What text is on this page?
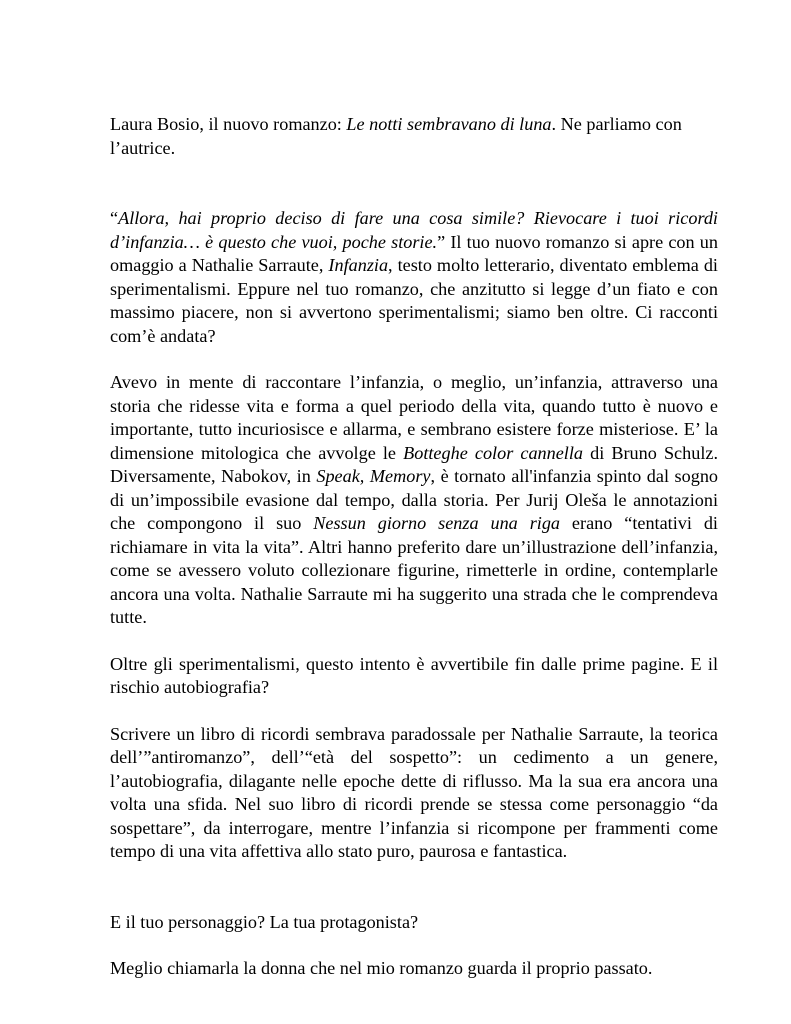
Laura Bosio, il nuovo romanzo: Le notti sembravano di luna. Ne parliamo con l’autrice.

“Allora, hai proprio deciso di fare una cosa simile? Rievocare i tuoi ricordi d’infanzia… è questo che vuoi, poche storie.” Il tuo nuovo romanzo si apre con un omaggio a Nathalie Sarraute, Infanzia, testo molto letterario, diventato emblema di sperimentalismi. Eppure nel tuo romanzo, che anzitutto si legge d’un fiato e con massimo piacere, non si avvertono sperimentalismi; siamo ben oltre. Ci racconti com’è andata?

Avevo in mente di raccontare l’infanzia, o meglio, un’infanzia, attraverso una storia che ridesse vita e forma a quel periodo della vita, quando tutto è nuovo e importante, tutto incuriosisce e allarma, e sembrano esistere forze misteriose. E’ la dimensione mitologica che avvolge le Botteghe color cannella di Bruno Schulz. Diversamente, Nabokov, in Speak, Memory, è tornato all'infanzia spinto dal sogno di un’impossibile evasione dal tempo, dalla storia. Per Jurij Oleša le annotazioni che compongono il suo Nessun giorno senza una riga erano “tentativi di richiamare in vita la vita”. Altri hanno preferito dare un’illustrazione dell’infanzia, come se avessero voluto collezionare figurine, rimetterle in ordine, contemplarle ancora una volta. Nathalie Sarraute mi ha suggerito una strada che le comprendeva tutte.

Oltre gli sperimentalismi, questo intento è avvertibile fin dalle prime pagine. E il rischio autobiografia?

Scrivere un libro di ricordi sembrava paradossale per Nathalie Sarraute, la teorica dell’”antiromanzo”, dell’“età del sospetto”: un cedimento a un genere, l’autobiografia, dilagante nelle epoche dette di riflusso. Ma la sua era ancora una volta una sfida. Nel suo libro di ricordi prende se stessa come personaggio “da sospettare”, da interrogare, mentre l’infanzia si ricompone per frammenti come tempo di una vita affettiva allo stato puro, paurosa e fantastica.

E il tuo personaggio? La tua protagonista?

Meglio chiamarla la donna che nel mio romanzo guarda il proprio passato.
